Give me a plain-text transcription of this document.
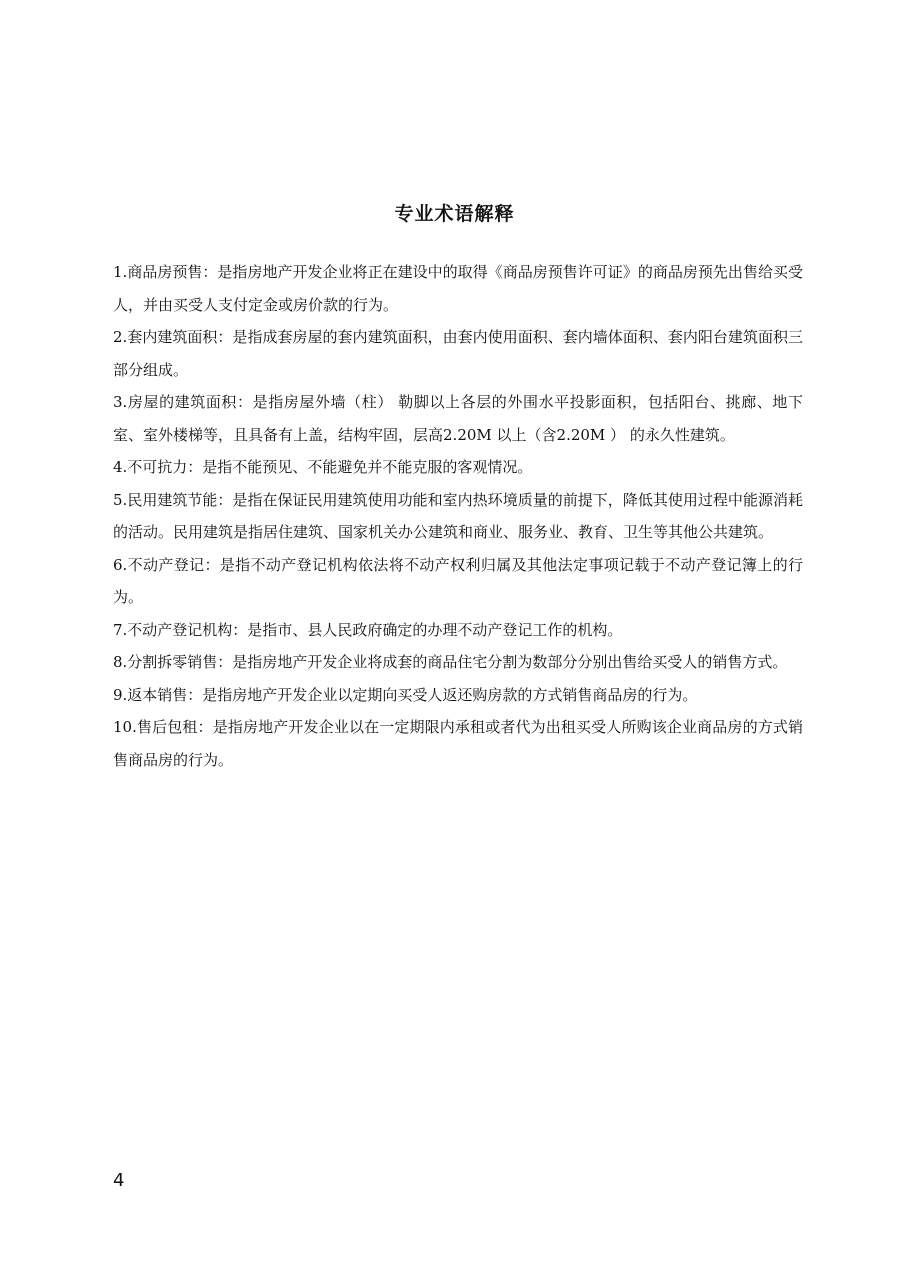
专业术语解释
1.商品房预售：是指房地产开发企业将正在建设中的取得《商品房预售许可证》的商品房预先出售给买受人，并由买受人支付定金或房价款的行为。
2.套内建筑面积：是指成套房屋的套内建筑面积，由套内使用面积、套内墙体面积、套内阳台建筑面积三部分组成。
3.房屋的建筑面积：是指房屋外墙（柱） 勒脚以上各层的外围水平投影面积，包括阳台、挑廊、地下室、室外楼梯等，且具备有上盖，结构牢固，层高2.20M 以上（含2.20M ） 的永久性建筑。
4.不可抗力：是指不能预见、不能避免并不能克服的客观情况。
5.民用建筑节能：是指在保证民用建筑使用功能和室内热环境质量的前提下，降低其使用过程中能源消耗的活动。民用建筑是指居住建筑、国家机关办公建筑和商业、服务业、教育、卫生等其他公共建筑。
6.不动产登记：是指不动产登记机构依法将不动产权利归属及其他法定事项记载于不动产登记簿上的行为。
7.不动产登记机构：是指市、县人民政府确定的办理不动产登记工作的机构。
8.分割拆零销售：是指房地产开发企业将成套的商品住宅分割为数部分分别出售给买受人的销售方式。
9.返本销售：是指房地产开发企业以定期向买受人返还购房款的方式销售商品房的行为。
10.售后包租：是指房地产开发企业以在一定期限内承租或者代为出租买受人所购该企业商品房的方式销售商品房的行为。
4
